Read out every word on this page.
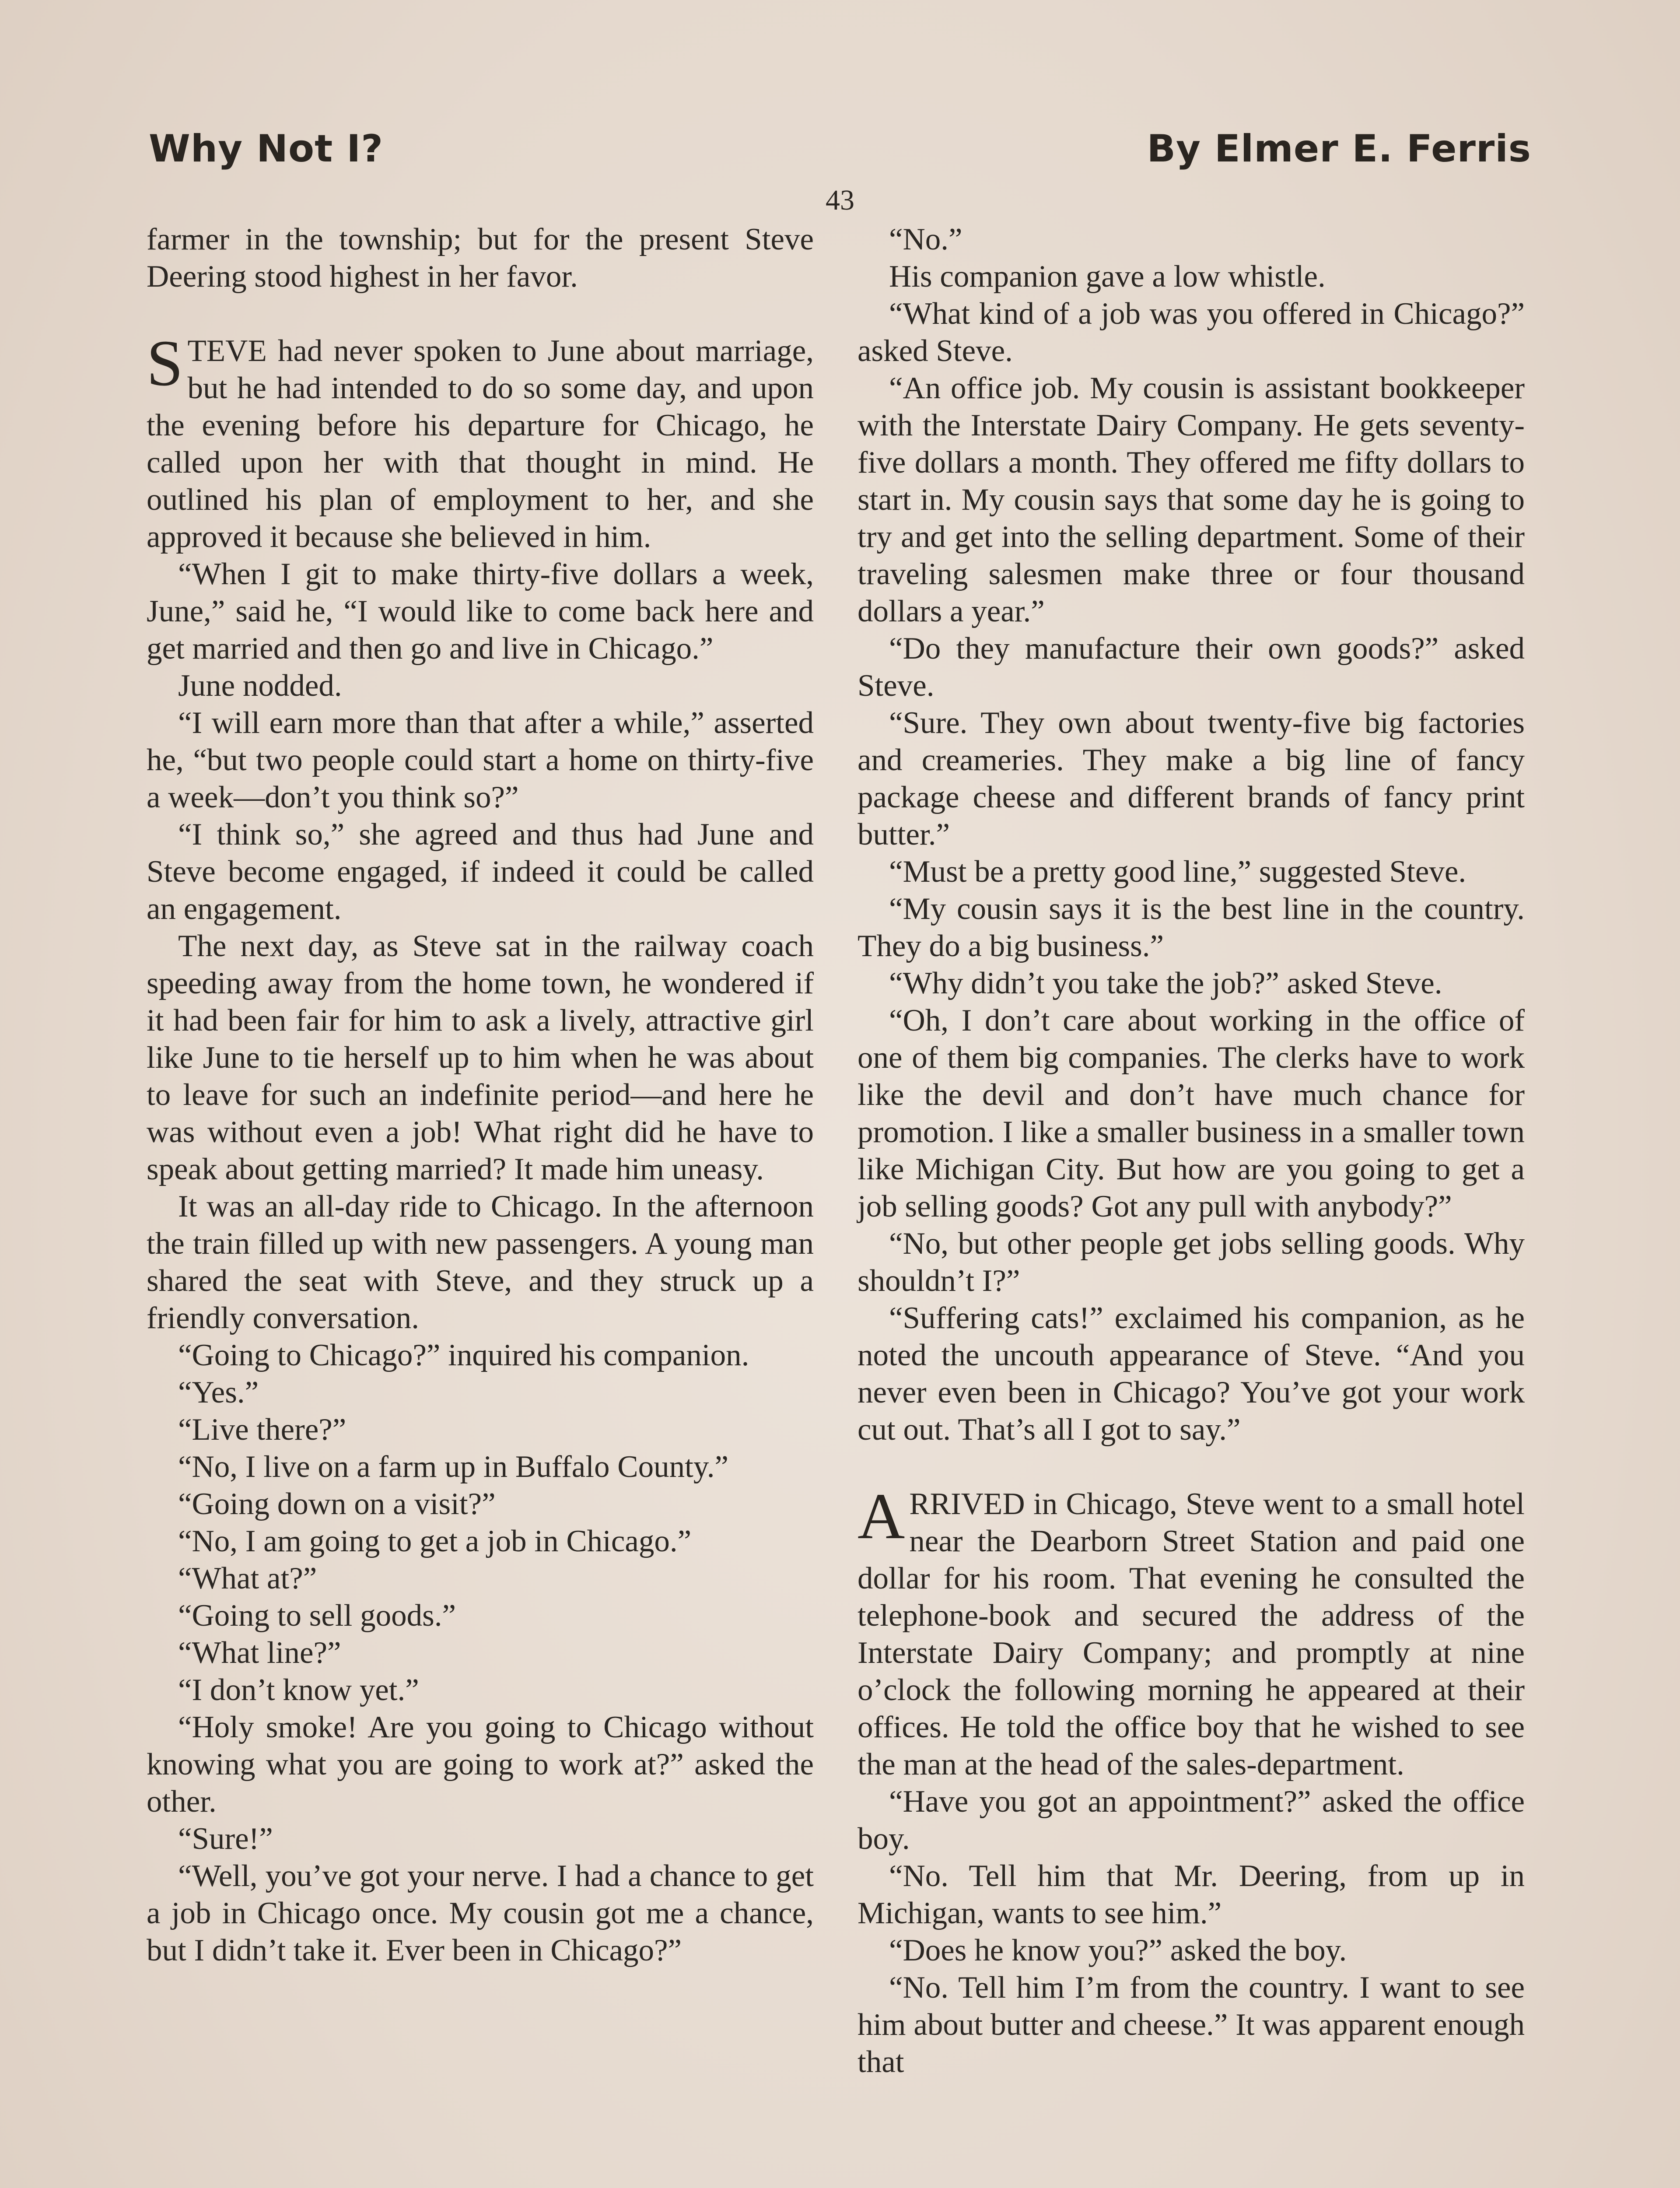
Why Not I?	By Elmer E. Ferris
43

farmer in the township; but for the present Steve Deering stood highest in her favor.

STEVE had never spoken to June about marriage, but he had intended to do so some day, and upon the evening before his departure for Chicago, he called upon her with that thought in mind. He outlined his plan of employment to her, and she approved it because she believed in him.

“When I git to make thirty-five dollars a week, June,” said he, “I would like to come back here and get married and then go and live in Chicago.”

June nodded.

“I will earn more than that after a while,” asserted he, “but two people could start a home on thirty-five a week—don’t you think so?”

“I think so,” she agreed and thus had June and Steve become engaged, if indeed it could be called an engagement.

The next day, as Steve sat in the railway coach speeding away from the home town, he wondered if it had been fair for him to ask a lively, attractive girl like June to tie herself up to him when he was about to leave for such an indefinite period—and here he was without even a job! What right did he have to speak about getting married? It made him uneasy.

It was an all-day ride to Chicago. In the afternoon the train filled up with new passengers. A young man shared the seat with Steve, and they struck up a friendly conversation.

“Going to Chicago?” inquired his companion.

“Yes.”

“Live there?”

“No, I live on a farm up in Buffalo County.”

“Going down on a visit?”

“No, I am going to get a job in Chicago.”

“What at?”

“Going to sell goods.”

“What line?”

“I don’t know yet.”

“Holy smoke! Are you going to Chicago without knowing what you are going to work at?” asked the other.

“Sure!”

“Well, you’ve got your nerve. I had a chance to get a job in Chicago once. My cousin got me a chance, but I didn’t take it. Ever been in Chicago?”

“No.”

His companion gave a low whistle.

“What kind of a job was you offered in Chicago?” asked Steve.

“An office job. My cousin is assistant bookkeeper with the Interstate Dairy Company. He gets seventy-five dollars a month. They offered me fifty dollars to start in. My cousin says that some day he is going to try and get into the selling department. Some of their traveling salesmen make three or four thousand dollars a year.”

“Do they manufacture their own goods?” asked Steve.

“Sure. They own about twenty-five big factories and creameries. They make a big line of fancy package cheese and different brands of fancy print butter.”

“Must be a pretty good line,” suggested Steve.

“My cousin says it is the best line in the country. They do a big business.”

“Why didn’t you take the job?” asked Steve.

“Oh, I don’t care about working in the office of one of them big companies. The clerks have to work like the devil and don’t have much chance for promotion. I like a smaller business in a smaller town like Michigan City. But how are you going to get a job selling goods? Got any pull with anybody?”

“No, but other people get jobs selling goods. Why shouldn’t I?”

“Suffering cats!” exclaimed his companion, as he noted the uncouth appearance of Steve. “And you never even been in Chicago? You’ve got your work cut out. That’s all I got to say.”

ARRIVED in Chicago, Steve went to a small hotel near the Dearborn Street Station and paid one dollar for his room. That evening he consulted the telephone-book and secured the address of the Interstate Dairy Company; and promptly at nine o’clock the following morning he appeared at their offices. He told the office boy that he wished to see the man at the head of the sales-department.

“Have you got an appointment?” asked the office boy.

“No. Tell him that Mr. Deering, from up in Michigan, wants to see him.”

“Does he know you?” asked the boy.

“No. Tell him I’m from the country. I want to see him about butter and cheese.” It was apparent enough that
